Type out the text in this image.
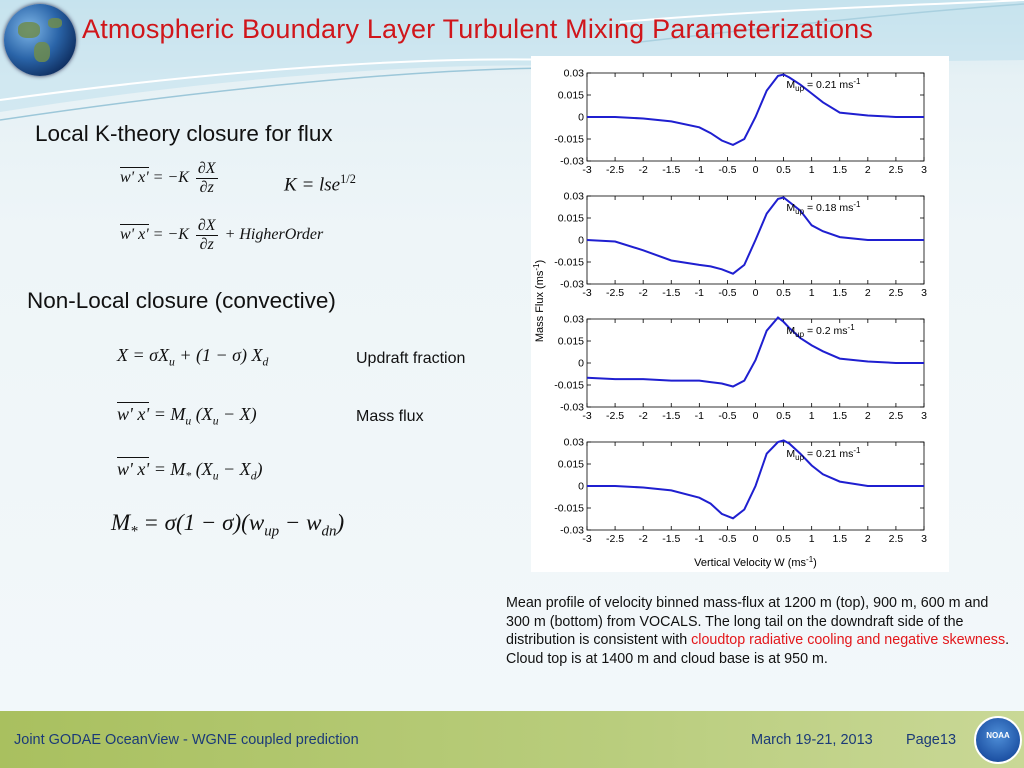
Atmospheric Boundary Layer Turbulent Mixing Parameterizations
Local K-theory closure for flux
w' $x' = -K \frac{\partial X}{\partial z}$	K = lse$^{1/2}$
w' $x' = -K \frac{\partial X}{\partial z}$ + HigherOrder
Non-Local closure (convective)
$X = \sigma X_u + (1 - \sigma)$ $X_d$	Updraft fraction
w' $x' = M_u$ $(X_u - X)$	Mass flux
w' $x' = M_*$ $(X_u - X_d)$
$M_* = \sigma(1 - \sigma)(w_{up} - w_{dn})$
0.03
0.015
0
-0.015
-0.03
-3 -2.5 -2 -1.5 -1 -0.5 0 0.5 1 1.5 2 2.5 3
$M_{up} = 0.21$ $ms^{-1}$
0.03
0.015
0
-0.015
-0.03
-3 -2.5 -2 -1.5 -1 -0.5 0 0.5 1 1.5 2 2.5 3
$M_{up} = 0.18$ $ms^{-1}$
0.03
0.015
0
-0.015
-0.03
-3 -2.5 -2 -1.5 -1 -0.5 0 0.5 1 1.5 2 2.5 3
$M_{up} = 0.2$ $ms^{-1}$
0.03
0.015
0
-0.015
-0.03
-3 -2.5 -2 -1.5 -1 -0.5 0 0.5 1 1.5 2 2.5 3
$M_{up} = 0.21$ $ms^{-1}$
Vertical Velocity W $(ms^{-1})$
Mass Flux $(ms^{-1})$
Mean profile of velocity binned mass-flux at 1200 m (top), 900 m, 600 m and 300 m (bottom) from VOCALS. The long tail on the downdraft side of the distribution is consistent with cloudtop radiative cooling and negative skewness. Cloud top is at 1400 m and cloud base is at 950 m.
Joint GODAE OceanView - WGNE coupled prediction	March 19-21, 2013 Page13	NOAA
